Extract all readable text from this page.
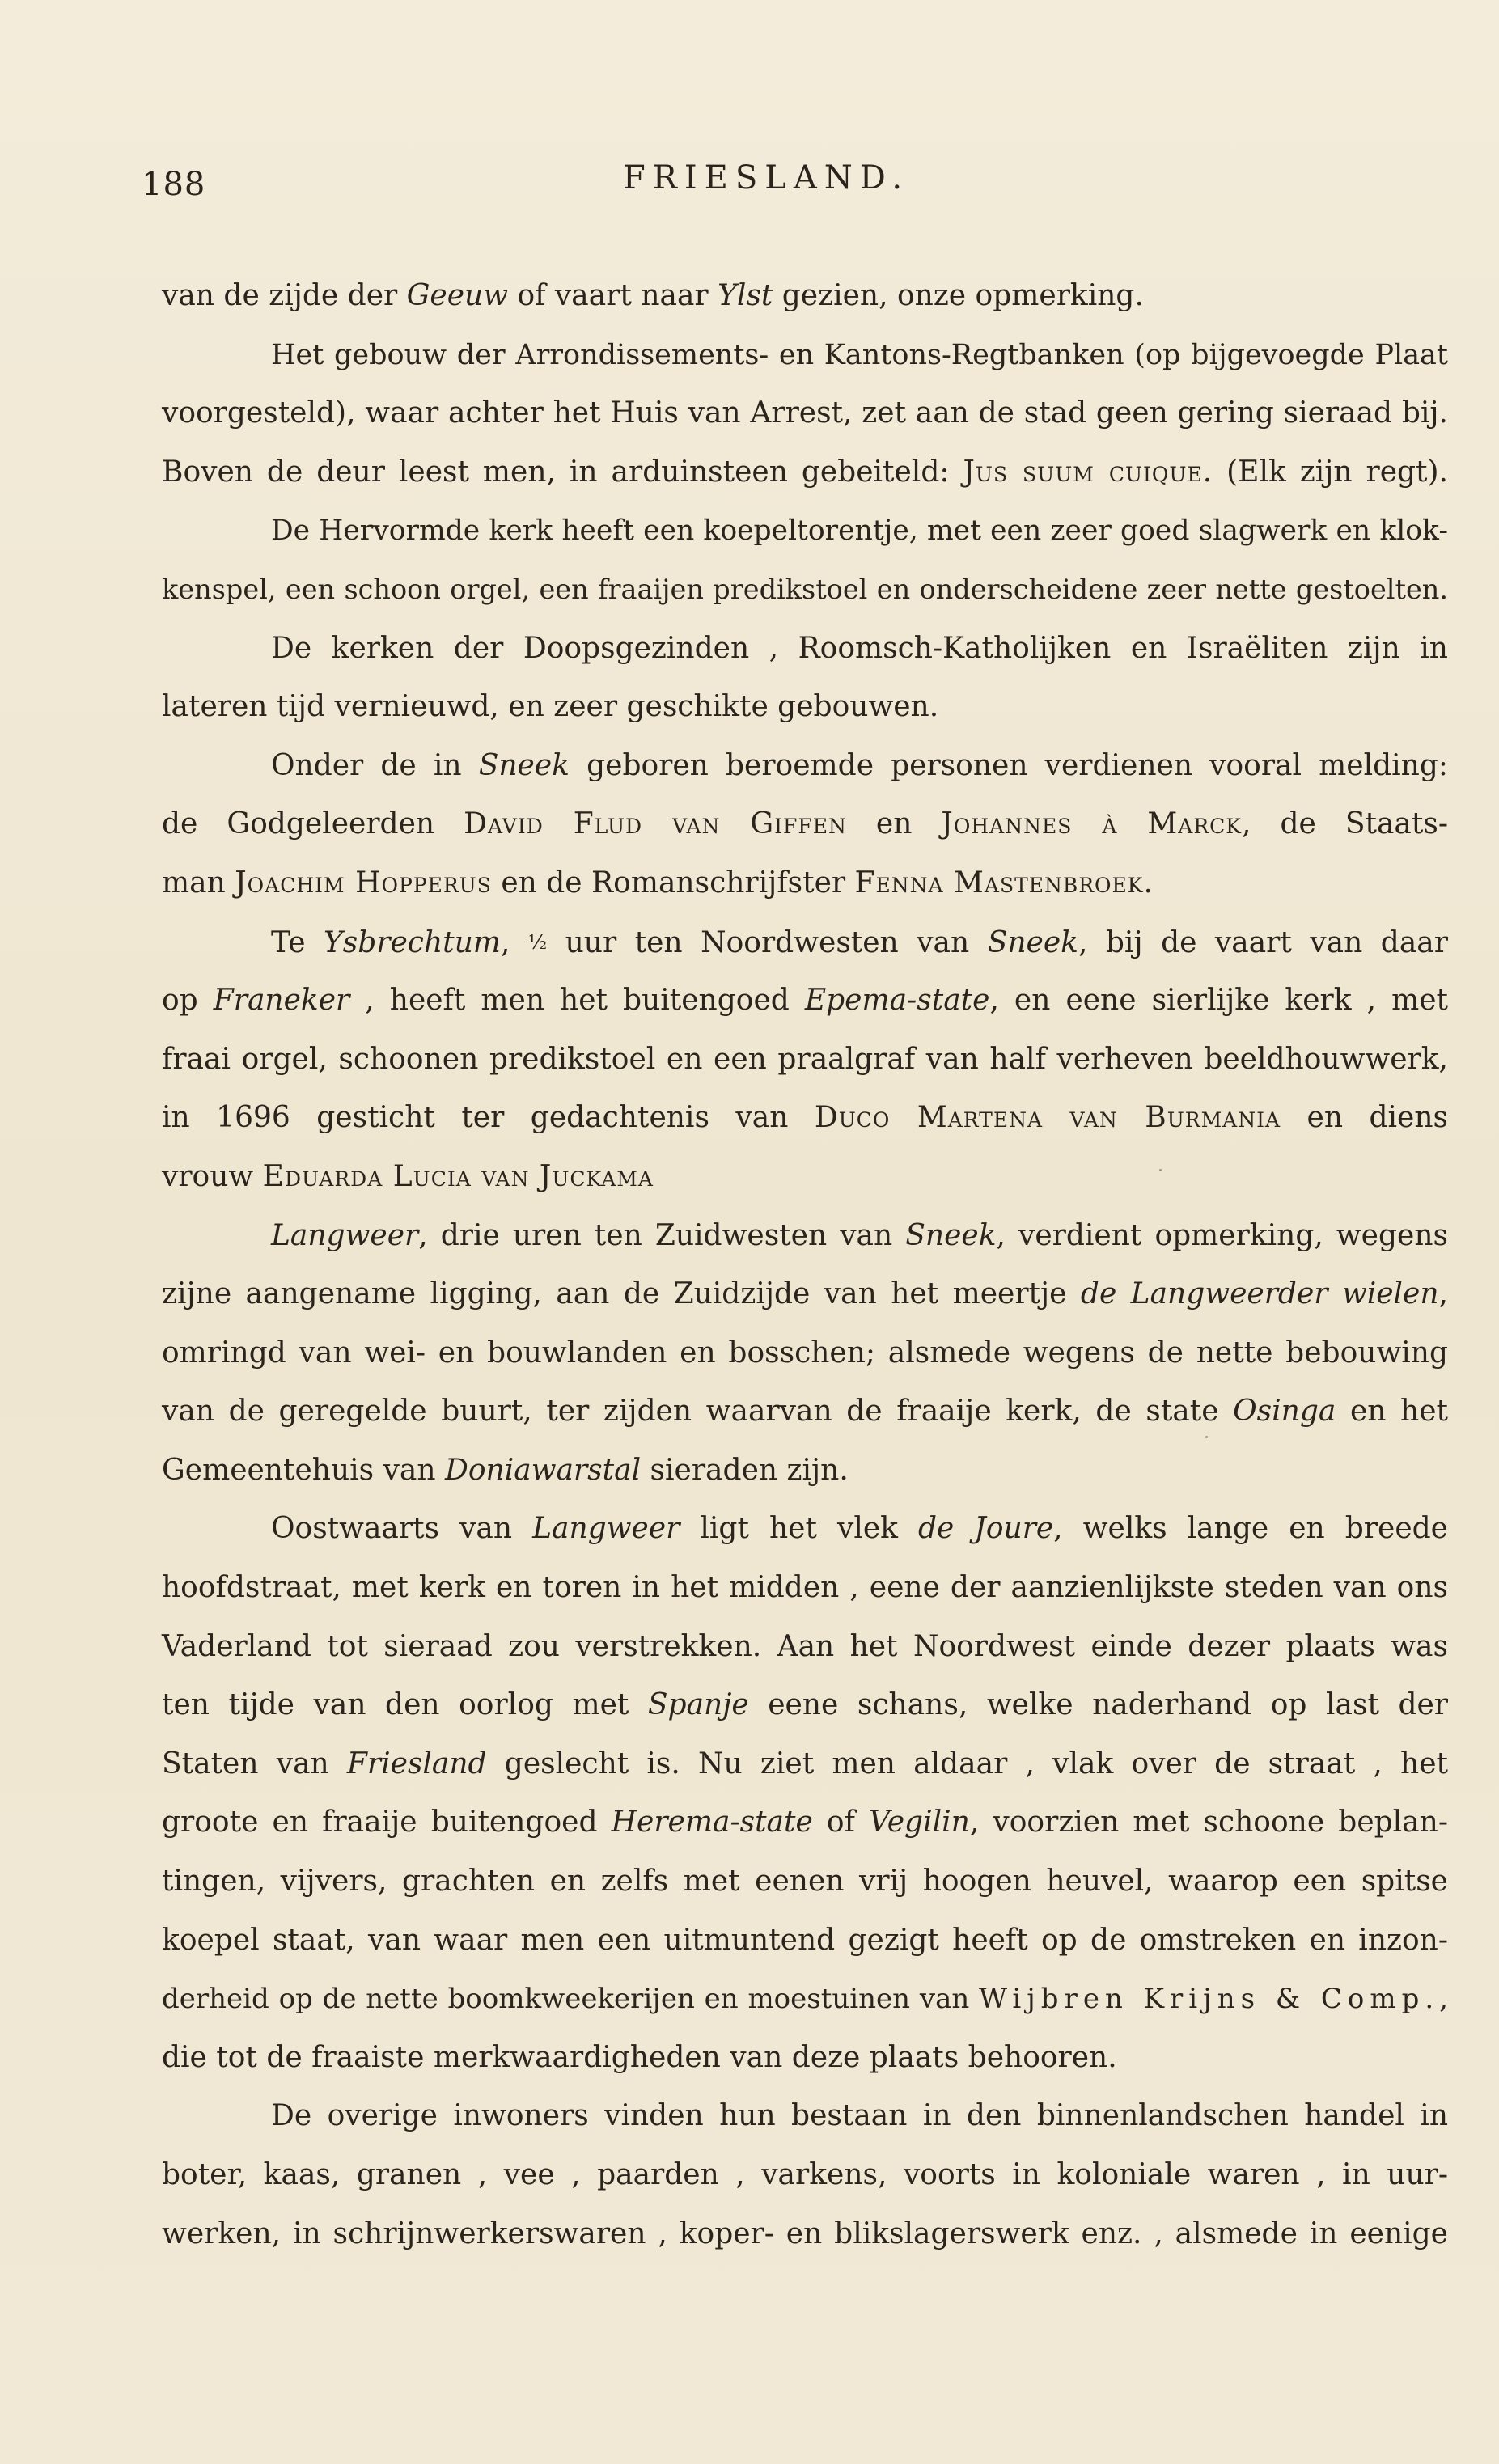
188	FRIESLAND.
van de zijde der Geeuw of vaart naar Ylst gezien, onze opmerking.
Het gebouw der Arrondissements- en Kantons-Regtbanken (op bijgevoegde Plaat
voorgesteld), waar achter het Huis van Arrest, zet aan de stad geen gering sieraad bij.
Boven de deur leest men, in arduinsteen gebeiteld: Jus suum cuique. (Elk zijn regt).
De Hervormde kerk heeft een koepeltorentje, met een zeer goed slagwerk en klok-
kenspel, een schoon orgel, een fraaijen predikstoel en onderscheidene zeer nette gestoelten.
De kerken der Doopsgezinden , Roomsch-Katholijken en Israëliten zijn in
lateren tijd vernieuwd, en zeer geschikte gebouwen.
Onder de in Sneek geboren beroemde personen verdienen vooral melding:
de Godgeleerden David Flud van Giffen en Johannes à Marck, de Staats-
man Joachim Hopperus en de Romanschrijfster Fenna Mastenbroek.
Te Ysbrechtum, ½ uur ten Noordwesten van Sneek, bij de vaart van daar
op Franeker , heeft men het buitengoed Epema-state, en eene sierlijke kerk , met
fraai orgel, schoonen predikstoel en een praalgraf van half verheven beeldhouwwerk,
in 1696 gesticht ter gedachtenis van Duco Martena van Burmania en diens
vrouw Eduarda Lucia van Juckama
Langweer, drie uren ten Zuidwesten van Sneek, verdient opmerking, wegens
zijne aangename ligging, aan de Zuidzijde van het meertje de Langweerder wielen,
omringd van wei- en bouwlanden en bosschen; alsmede wegens de nette bebouwing
van de geregelde buurt, ter zijden waarvan de fraaije kerk, de state Osinga en het
Gemeentehuis van Doniawarstal sieraden zijn.
Oostwaarts van Langweer ligt het vlek de Joure, welks lange en breede
hoofdstraat, met kerk en toren in het midden , eene der aanzienlijkste steden van ons
Vaderland tot sieraad zou verstrekken. Aan het Noordwest einde dezer plaats was
ten tijde van den oorlog met Spanje eene schans, welke naderhand op last der
Staten van Friesland geslecht is. Nu ziet men aldaar , vlak over de straat , het
groote en fraaije buitengoed Herema-state of Vegilin, voorzien met schoone beplan-
tingen, vijvers, grachten en zelfs met eenen vrij hoogen heuvel, waarop een spitse
koepel staat, van waar men een uitmuntend gezigt heeft op de omstreken en inzon-
derheid op de nette boomkweekerijen en moestuinen van Wijbren Krijns & Comp.,
die tot de fraaiste merkwaardigheden van deze plaats behooren.
De overige inwoners vinden hun bestaan in den binnenlandschen handel in
boter, kaas, granen , vee , paarden , varkens, voorts in koloniale waren , in uur-
werken, in schrijnwerkerswaren , koper- en blikslagerswerk enz. , alsmede in eenige
